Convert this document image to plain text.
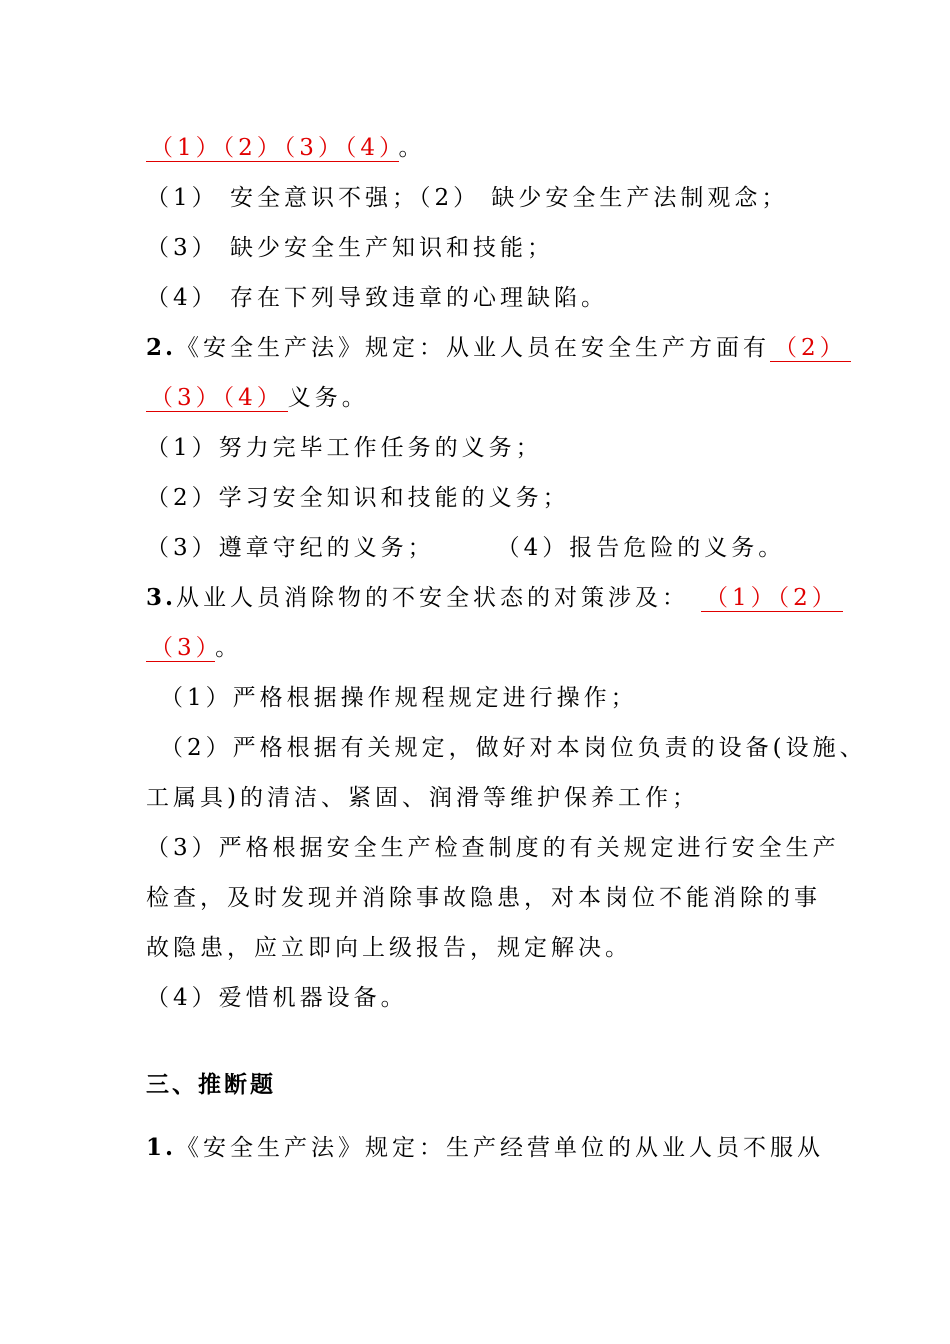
（1）（2）（3）（4） 。
（1） 安全意识不强；（2） 缺少安全生产法制观念；
（3） 缺少安全生产知识和技能；
（4） 存在下列导致违章的心理缺陷。
2.《安全生产法》规定：从业人员在安全生产方面有 （2）
（3）（4） 义务。
（1）努力完毕工作任务的义务；
（2）学习安全知识和技能的义务；
（3）遵章守纪的义务；	（4）报告危险的义务。
3.从业人员消除物的不安全状态的对策涉及： （1）（2）
（3） 。
（1）严格根据操作规程规定进行操作；
（2）严格根据有关规定，做好对本岗位负责的设备(设施、
工属具)的清洁、紧固、润滑等维护保养工作；
（3）严格根据安全生产检查制度的有关规定进行安全生产
检查，及时发现并消除事故隐患，对本岗位不能消除的事
故隐患，应立即向上级报告，规定解决。
（4）爱惜机器设备。
三、推断题
1.《安全生产法》规定：生产经营单位的从业人员不服从
